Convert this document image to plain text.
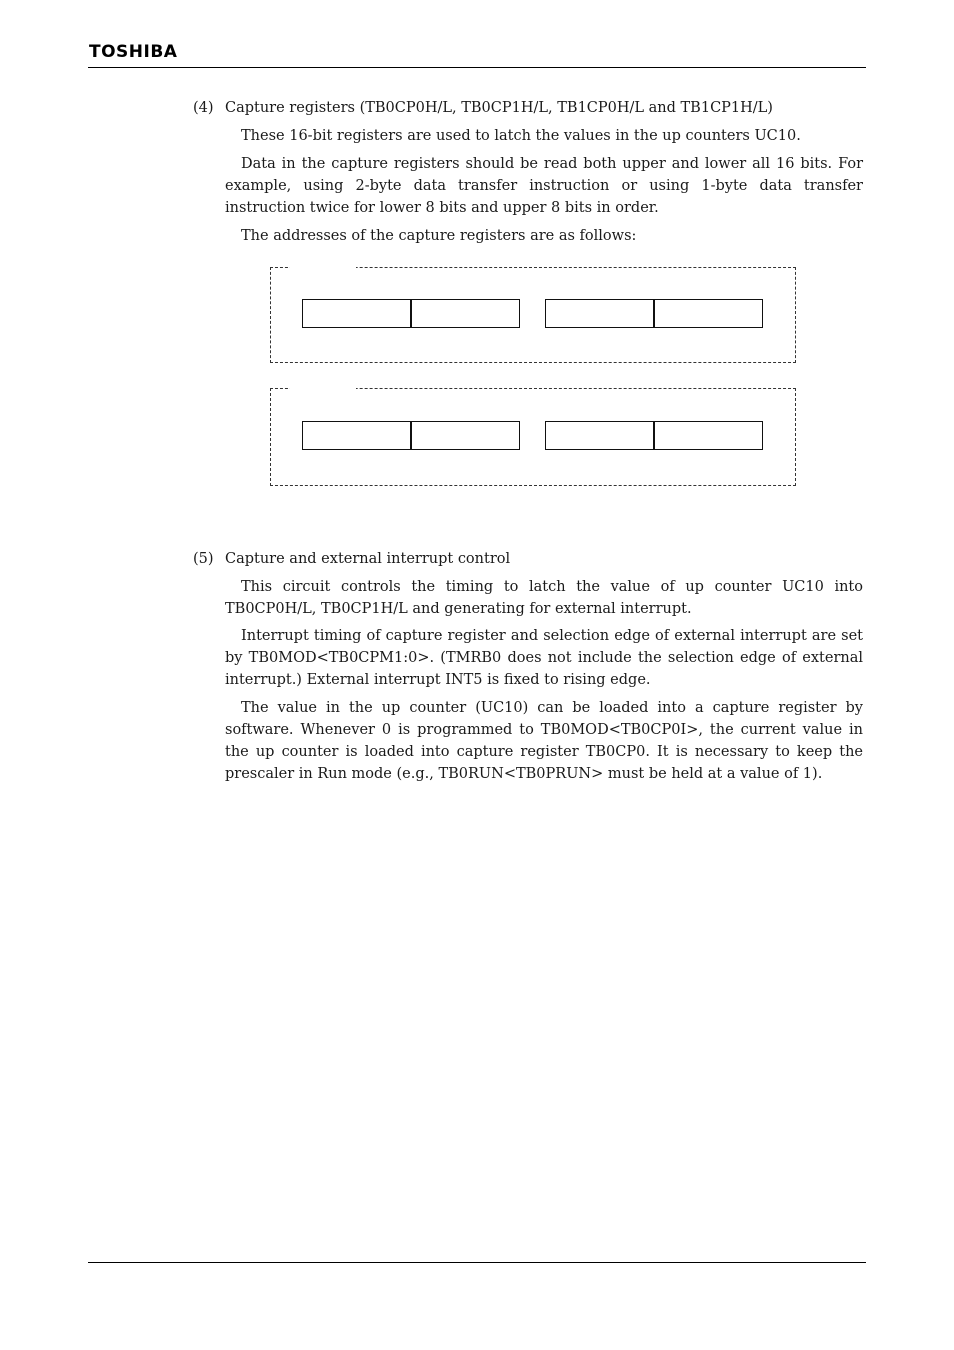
TOSHIBA
(4) Capture registers (TB0CP0H/L, TB0CP1H/L, TB1CP0H/L and TB1CP1H/L)

These 16-bit registers are used to latch the values in the up counters UC10.

Data in the capture registers should be read both upper and lower all 16 bits. For example, using 2-byte data transfer instruction or using 1-byte data transfer instruction twice for lower 8 bits and upper 8 bits in order.

The addresses of the capture registers are as follows:

(5) Capture and external interrupt control

This circuit controls the timing to latch the value of up counter UC10 into TB0CP0H/L, TB0CP1H/L and generating for external interrupt.

Interrupt timing of capture register and selection edge of external interrupt are set by TB0MOD<TB0CPM1:0>. (TMRB0 does not include the selection edge of external interrupt.) External interrupt INT5 is fixed to rising edge.

The value in the up counter (UC10) can be loaded into a capture register by software. Whenever 0 is programmed to TB0MOD<TB0CP0I>, the current value in the up counter is loaded into capture register TB0CP0. It is necessary to keep the prescaler in Run mode (e.g., TB0RUN<TB0PRUN> must be held at a value of 1).
